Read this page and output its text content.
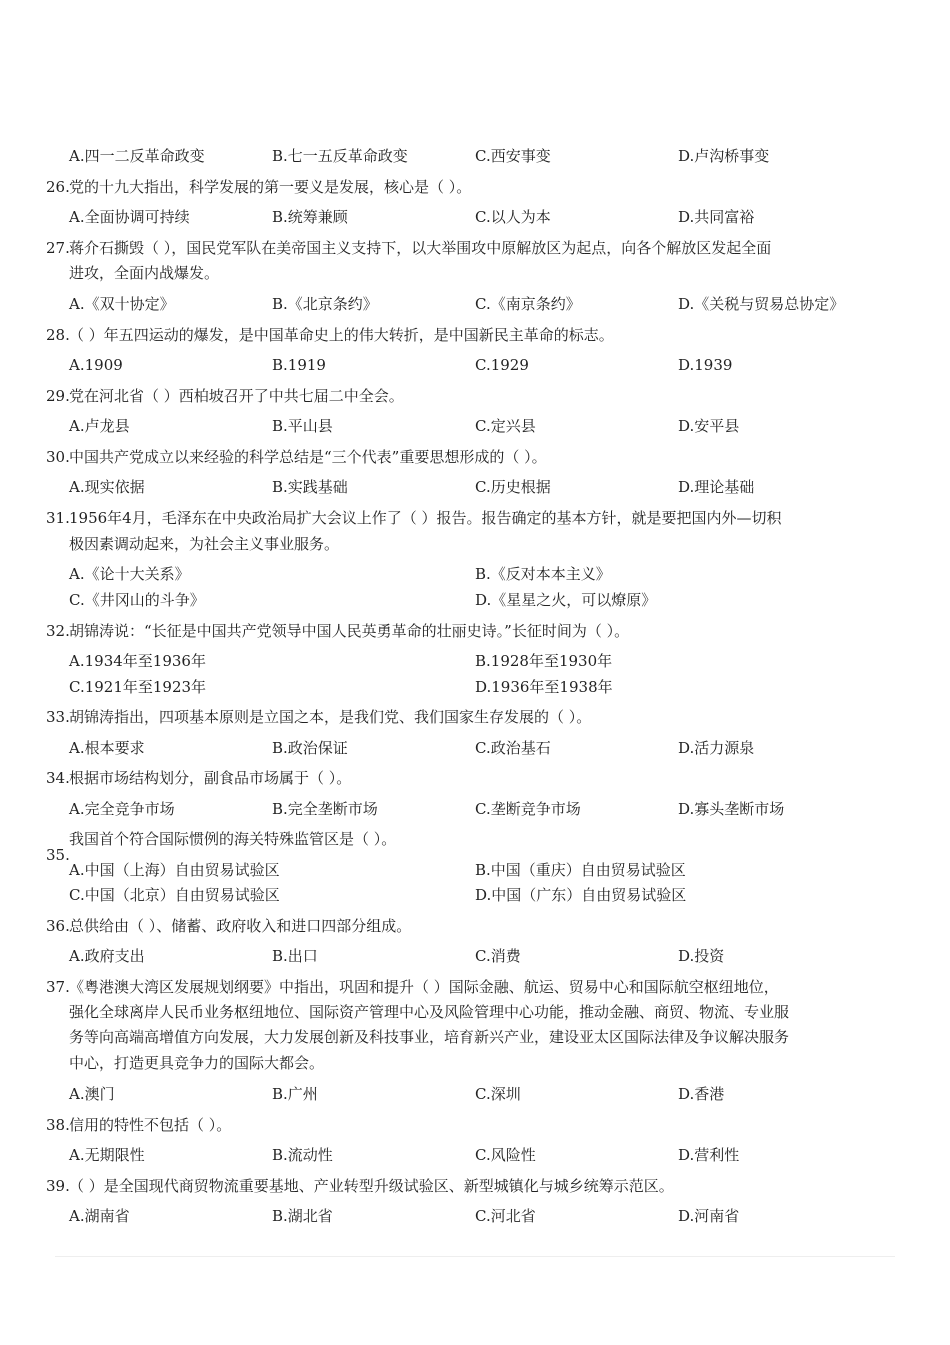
A.四一二反革命政变	B.七一五反革命政变	C.西安事变	D.卢沟桥事变
26. 党的十九大指出，科学发展的第一要义是发展，核心是（ ）。
A.全面协调可持续	B.统筹兼顾	C.以人为本	D.共同富裕
27. 蒋介石撕毁（ ），国民党军队在美帝国主义支持下，以大举围攻中原解放区为起点，向各个解放区发起全面
进攻，全面内战爆发。
A.《双十协定》	B.《北京条约》	C.《南京条约》	D.《关税与贸易总协定》
28. （ ）年五四运动的爆发，是中国革命史上的伟大转折，是中国新民主革命的标志。
A.1909	B.1919	C.1929	D.1939
29. 党在河北省（ ）西柏坡召开了中共七届二中全会。
A.卢龙县	B.平山县	C.定兴县	D.安平县
30. 中国共产党成立以来经验的科学总结是“三个代表”重要思想形成的（ ）。
A.现实依据	B.实践基础	C.历史根据	D.理论基础
31. 1956年4月，毛泽东在中央政治局扩大会议上作了（ ）报告。报告确定的基本方针，就是要把国内外—切积
极因素调动起来，为社会主义事业服务。
A.《论十大关系》	B.《反对本本主义》
C.《井冈山的斗争》	D.《星星之火，可以燎原》
32. 胡锦涛说：“长征是中国共产党领导中国人民英勇革命的壮丽史诗。”长征时间为（ ）。
A.1934年至1936年	B.1928年至1930年
C.1921年至1923年	D.1936年至1938年
33. 胡锦涛指出，四项基本原则是立国之本，是我们党、我们国家生存发展的（ ）。
A.根本要求	B.政治保证	C.政治基石	D.活力源泉
34. 根据市场结构划分，副食品市场属于（ ）。
A.完全竞争市场	B.完全垄断市场	C.垄断竞争市场	D.寡头垄断市场
我国首个符合国际惯例的海关特殊监管区是（ ）。
35.
A.中国（上海）自由贸易试验区	B.中国（重庆）自由贸易试验区
C.中国（北京）自由贸易试验区	D.中国（广东）自由贸易试验区
36. 总供给由（ ）、储蓄、政府收入和进口四部分组成。
A.政府支出	B.出口	C.消费	D.投资
37. 《粤港澳大湾区发展规划纲要》中指出，巩固和提升（ ）国际金融、航运、贸易中心和国际航空枢纽地位，
强化全球离岸人民币业务枢纽地位、国际资产管理中心及风险管理中心功能，推动金融、商贸、物流、专业服
务等向高端高增值方向发展，大力发展创新及科技事业，培育新兴产业，建设亚太区国际法律及争议解决服务
中心，打造更具竞争力的国际大都会。
A.澳门	B.广州	C.深圳	D.香港
38. 信用的特性不包括（ ）。
A.无期限性	B.流动性	C.风险性	D.营利性
39. （ ）是全国现代商贸物流重要基地、产业转型升级试验区、新型城镇化与城乡统筹示范区。
A.湖南省	B.湖北省	C.河北省	D.河南省
